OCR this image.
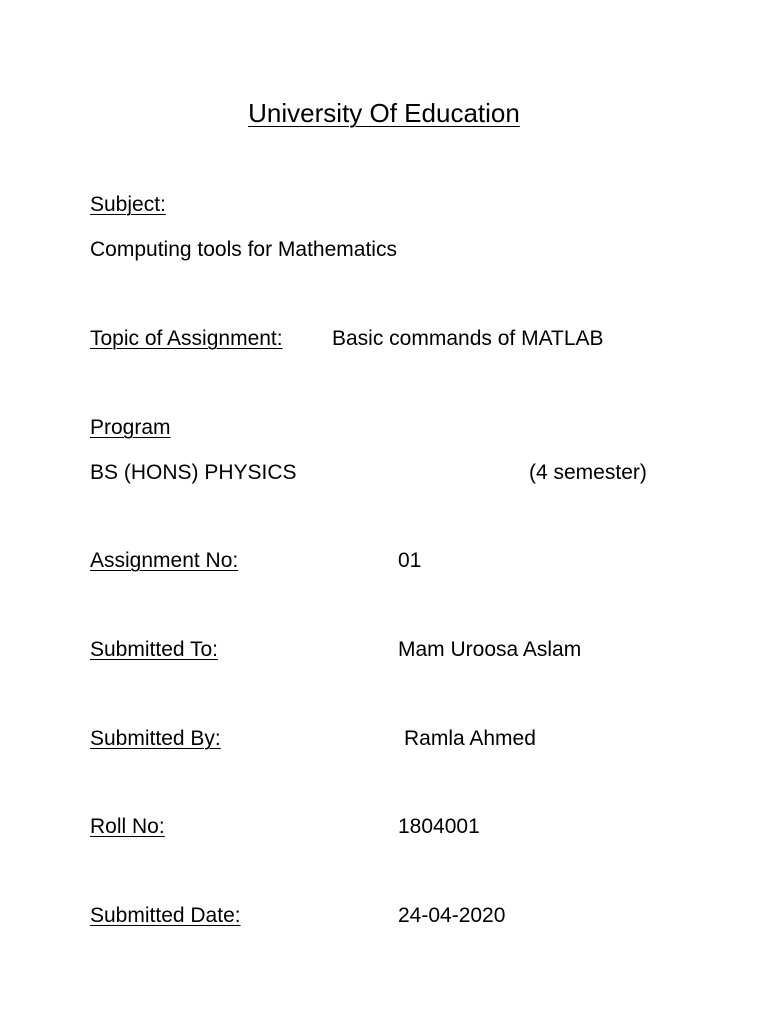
University Of Education
Subject:
Computing tools for Mathematics
Topic of Assignment: Basic commands of MATLAB
Program
BS (HONS) PHYSICS	(4 semester)
Assignment No:	01
Submitted To:	Mam Uroosa Aslam
Submitted By:	Ramla Ahmed
Roll No:	1804001
Submitted Date:	24-04-2020
